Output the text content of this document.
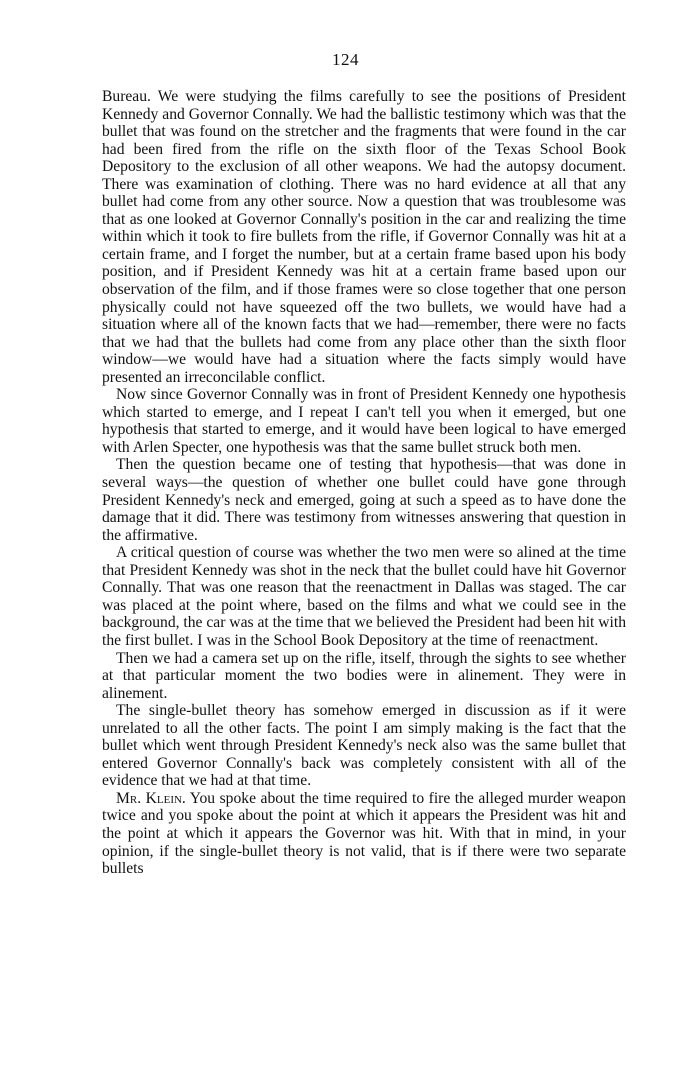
124

Bureau. We were studying the films carefully to see the positions of President Kennedy and Governor Connally. We had the ballistic testimony which was that the bullet that was found on the stretcher and the fragments that were found in the car had been fired from the rifle on the sixth floor of the Texas School Book Depository to the exclusion of all other weapons. We had the autopsy document. There was examination of clothing. There was no hard evidence at all that any bullet had come from any other source. Now a question that was troublesome was that as one looked at Governor Connally's position in the car and realizing the time within which it took to fire bullets from the rifle, if Governor Connally was hit at a certain frame, and I forget the number, but at a certain frame based upon his body position, and if President Kennedy was hit at a certain frame based upon our observation of the film, and if those frames were so close together that one person physically could not have squeezed off the two bullets, we would have had a situation where all of the known facts that we had—remember, there were no facts that we had that the bullets had come from any place other than the sixth floor window—we would have had a situation where the facts simply would have presented an irreconcilable conflict.

Now since Governor Connally was in front of President Kennedy one hypothesis which started to emerge, and I repeat I can't tell you when it emerged, but one hypothesis that started to emerge, and it would have been logical to have emerged with Arlen Specter, one hypothesis was that the same bullet struck both men.

Then the question became one of testing that hypothesis—that was done in several ways—the question of whether one bullet could have gone through President Kennedy's neck and emerged, going at such a speed as to have done the damage that it did. There was testimony from witnesses answering that question in the affirmative.

A critical question of course was whether the two men were so alined at the time that President Kennedy was shot in the neck that the bullet could have hit Governor Connally. That was one reason that the reenactment in Dallas was staged. The car was placed at the point where, based on the films and what we could see in the background, the car was at the time that we believed the President had been hit with the first bullet. I was in the School Book Depository at the time of reenactment.

Then we had a camera set up on the rifle, itself, through the sights to see whether at that particular moment the two bodies were in alinement. They were in alinement.

The single-bullet theory has somehow emerged in discussion as if it were unrelated to all the other facts. The point I am simply making is the fact that the bullet which went through President Kennedy's neck also was the same bullet that entered Governor Connally's back was completely consistent with all of the evidence that we had at that time.

Mr. Klein. You spoke about the time required to fire the alleged murder weapon twice and you spoke about the point at which it appears the President was hit and the point at which it appears the Governor was hit. With that in mind, in your opinion, if the single-bullet theory is not valid, that is if there were two separate bullets
